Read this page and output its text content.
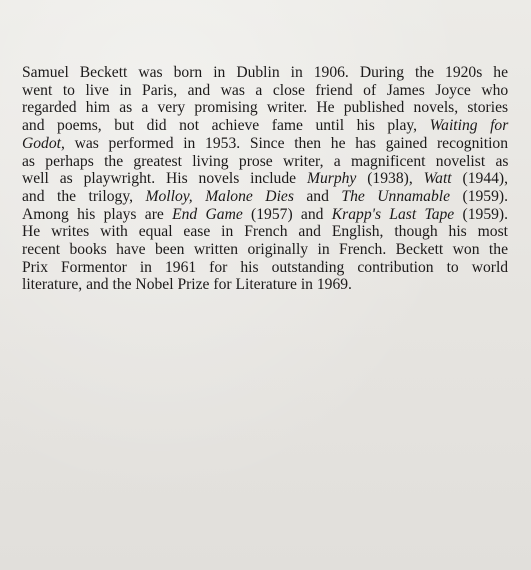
Samuel Beckett was born in Dublin in 1906. During the 1920s he
went to live in Paris, and was a close friend of James Joyce who
regarded him as a very promising writer. He published novels, stories
and poems, but did not achieve fame until his play, Waiting for
Godot, was performed in 1953. Since then he has gained recognition
as perhaps the greatest living prose writer, a magnificent novelist as
well as playwright. His novels include Murphy (1938), Watt (1944),
and the trilogy, Molloy, Malone Dies and The Unnamable (1959).
Among his plays are End Game (1957) and Krapp's Last Tape (1959).
He writes with equal ease in French and English, though his most
recent books have been written originally in French. Beckett won the
Prix Formentor in 1961 for his outstanding contribution to world
literature, and the Nobel Prize for Literature in 1969.
